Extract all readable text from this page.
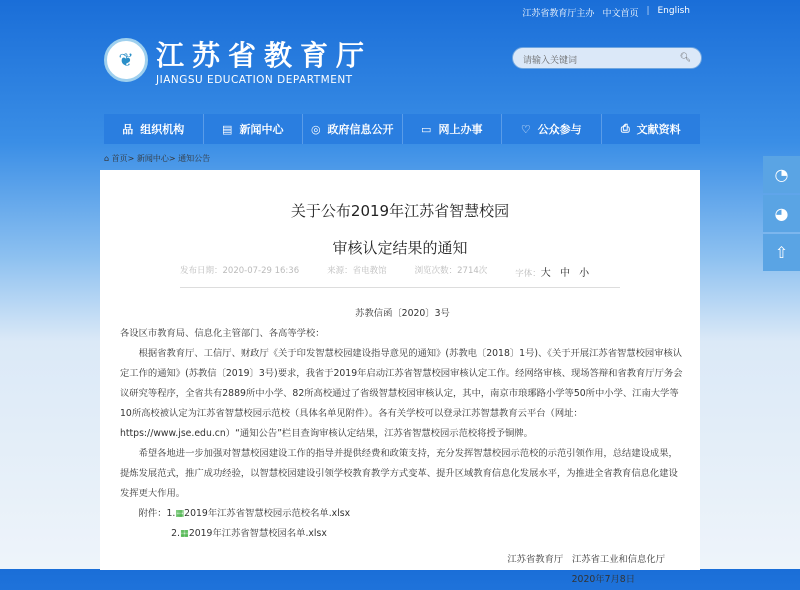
江苏省教育厅主办 中文首页 | English
❦ 江苏省教育厅
JIANGSU EDUCATION DEPARTMENT
请输入关键词	🔍︎
品 组织机构	▤ 新闻中心 ◎ 政府信息公开	▭ 网上办事	♡ 公众参与	⎙ 文献资料
⌂ 首页> 新闻中心> 通知公告
关于公布2019年江苏省智慧校园
审核认定结果的通知
发布日期：2020-07-29 16:36	来源：省电教馆	浏览次数：2714次	字体：大 中 小
苏教信函〔2020〕3号
各设区市教育局、信息化主管部门、各高等学校：
根据省教育厅、工信厅、财政厅《关于印发智慧校园建设指导意见的通知》(苏教电〔2018〕1号)、《关于开展江苏省智慧校园审核认定工作的通知》(苏教信〔2019〕3号)要求，我省于2019年启动江苏省智慧校园审核认定工作。经网络审核、现场答辩和省教育厅厅务会议研究等程序，全省共有2889所中小学、82所高校通过了省级智慧校园审核认定，其中，南京市琅琊路小学等50所中小学、江南大学等10所高校被认定为江苏省智慧校园示范校（具体名单见附件）。各有关学校可以登录江苏智慧教育云平台（网址：https://www.jse.edu.cn）“通知公告”栏目查询审核认定结果，江苏省智慧校园示范校将授予铜牌。
希望各地进一步加强对智慧校园建设工作的指导并提供经费和政策支持，充分发挥智慧校园示范校的示范引领作用，总结建设成果，提炼发展范式，推广成功经验，以智慧校园建设引领学校教育教学方式变革、提升区域教育信息化发展水平，为推进全省教育信息化建设发挥更大作用。
附件：1.▦2019年江苏省智慧校园示范校名单.xlsx
2.▦2019年江苏省智慧校园名单.xlsx
江苏省教育厅   江苏省工业和信息化厅
2020年7月8日
◔
◕
⇧
